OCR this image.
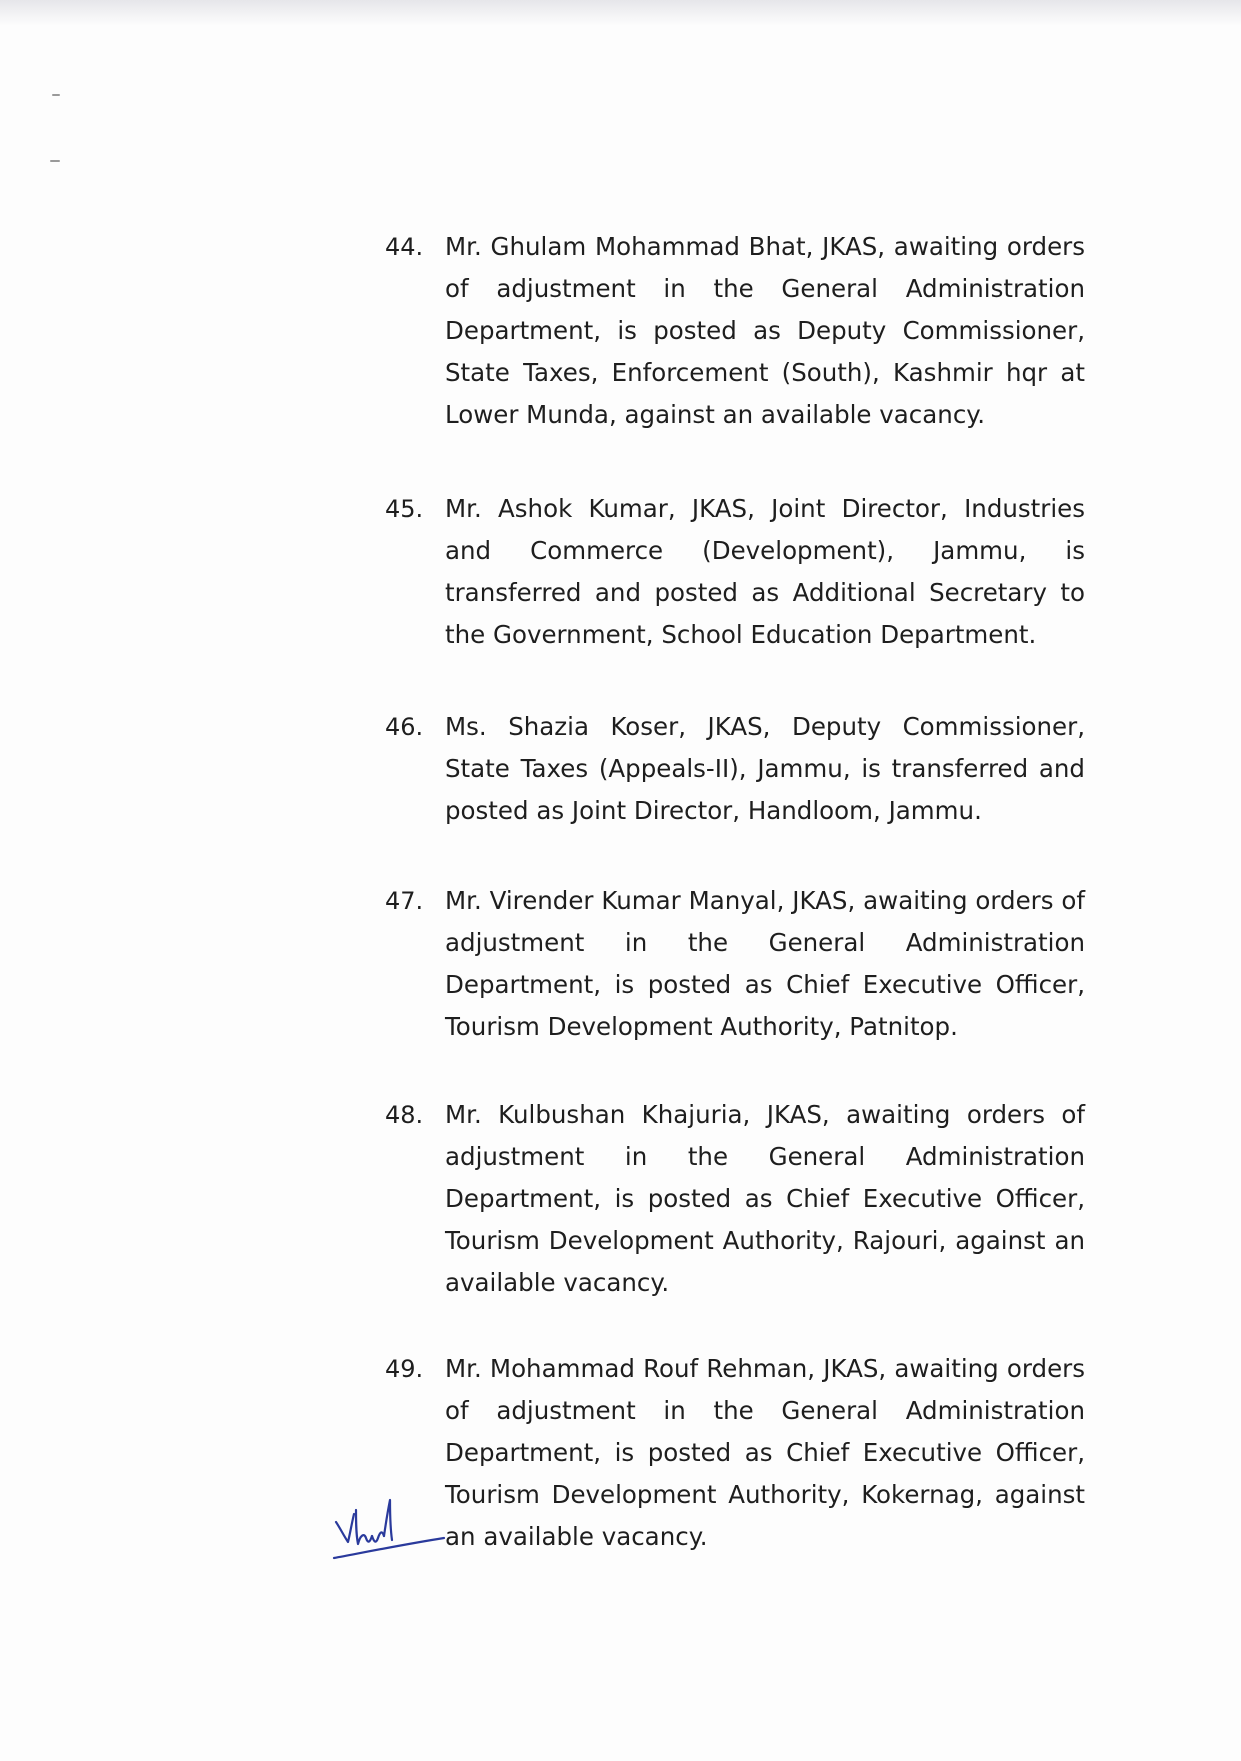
44. Mr. Ghulam Mohammad Bhat, JKAS, awaiting orders of adjustment in the General Administration Department, is posted as Deputy Commissioner, State Taxes, Enforcement (South), Kashmir hqr at Lower Munda, against an available vacancy.
45. Mr. Ashok Kumar, JKAS, Joint Director, Industries and Commerce (Development), Jammu, is transferred and posted as Additional Secretary to the Government, School Education Department.
46. Ms. Shazia Koser, JKAS, Deputy Commissioner, State Taxes (Appeals-II), Jammu, is transferred and posted as Joint Director, Handloom, Jammu.
47. Mr. Virender Kumar Manyal, JKAS, awaiting orders of adjustment in the General Administration Department, is posted as Chief Executive Officer, Tourism Development Authority, Patnitop.
48. Mr. Kulbushan Khajuria, JKAS, awaiting orders of adjustment in the General Administration Department, is posted as Chief Executive Officer, Tourism Development Authority, Rajouri, against an available vacancy.
49. Mr. Mohammad Rouf Rehman, JKAS, awaiting orders of adjustment in the General Administration Department, is posted as Chief Executive Officer, Tourism Development Authority, Kokernag, against an available vacancy.
